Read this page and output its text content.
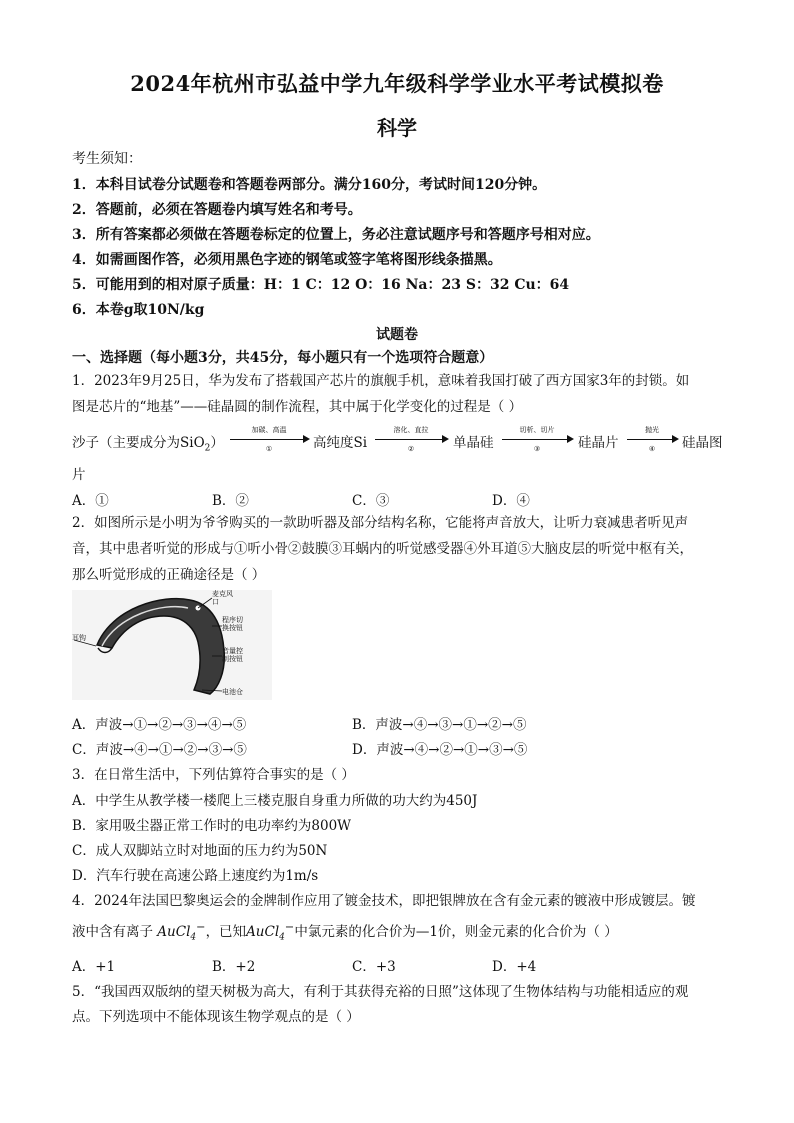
2024年杭州市弘益中学九年级科学学业水平考试模拟卷
科学
考生须知：
1．本科目试卷分试题卷和答题卷两部分。满分160分，考试时间120分钟。
2．答题前，必须在答题卷内填写姓名和考号。
3．所有答案都必须做在答题卷标定的位置上，务必注意试题序号和答题序号相对应。
4．如需画图作答，必须用黑色字迹的钢笔或签字笔将图形线条描黑。
5．可能用到的相对原子质量：H：1 C：12 O：16 Na：23 S：32 Cu：64
6．本卷g取10N/kg
试题卷
一、选择题（每小题3分，共45分，每小题只有一个选项符合题意）
1．2023年9月25日，华为发布了搭载国产芯片的旗舰手机，意味着我国打破了西方国家3年的封锁。如
图是芯片的“地基”——硅晶圆的制作流程，其中属于化学变化的过程是（ ）
沙子（主要成分为SiO$_2$）
加碳、高温
①	高纯度Si
溶化、直拉
②	单晶硅
切析、切片
③	硅晶片
抛光
④	硅晶图
片
A．①	B．②	C．③	D．④
2．如图所示是小明为爷爷购买的一款助听器及部分结构名称，它能将声音放大，让听力衰减患者听见声
音，其中患者听觉的形成与①听小骨②鼓膜③耳蜗内的听觉感受器④外耳道⑤大脑皮层的听觉中枢有关，
那么听觉形成的正确途径是（ ）
麦克风口
程序切换按钮
音量控制按钮
电池仓
耳钩
A．声波→①→②→③→④→⑤	B．声波→④→③→①→②→⑤
C．声波→④→①→②→③→⑤	D．声波→④→②→①→③→⑤
3．在日常生活中，下列估算符合事实的是（ ）
A．中学生从教学楼一楼爬上三楼克服自身重力所做的功大约为450J
B．家用吸尘器正常工作时的电功率约为800W
C．成人双脚站立时对地面的压力约为50N
D．汽车行驶在高速公路上速度约为1m/s
4．2024年法国巴黎奥运会的金牌制作应用了镀金技术，即把银牌放在含有金元素的镀液中形成镀层。镀
液中含有离子 AuCl$_4$−，已知AuCl$_4$−中氯元素的化合价为—1价，则金元素的化合价为（ ）
A．+1	B．+2	C．+3	D．+4
5．“我国西双版纳的望天树极为高大，有利于其获得充裕的日照”这体现了生物体结构与功能相适应的观
点。下列选项中不能体现该生物学观点的是（ ）
